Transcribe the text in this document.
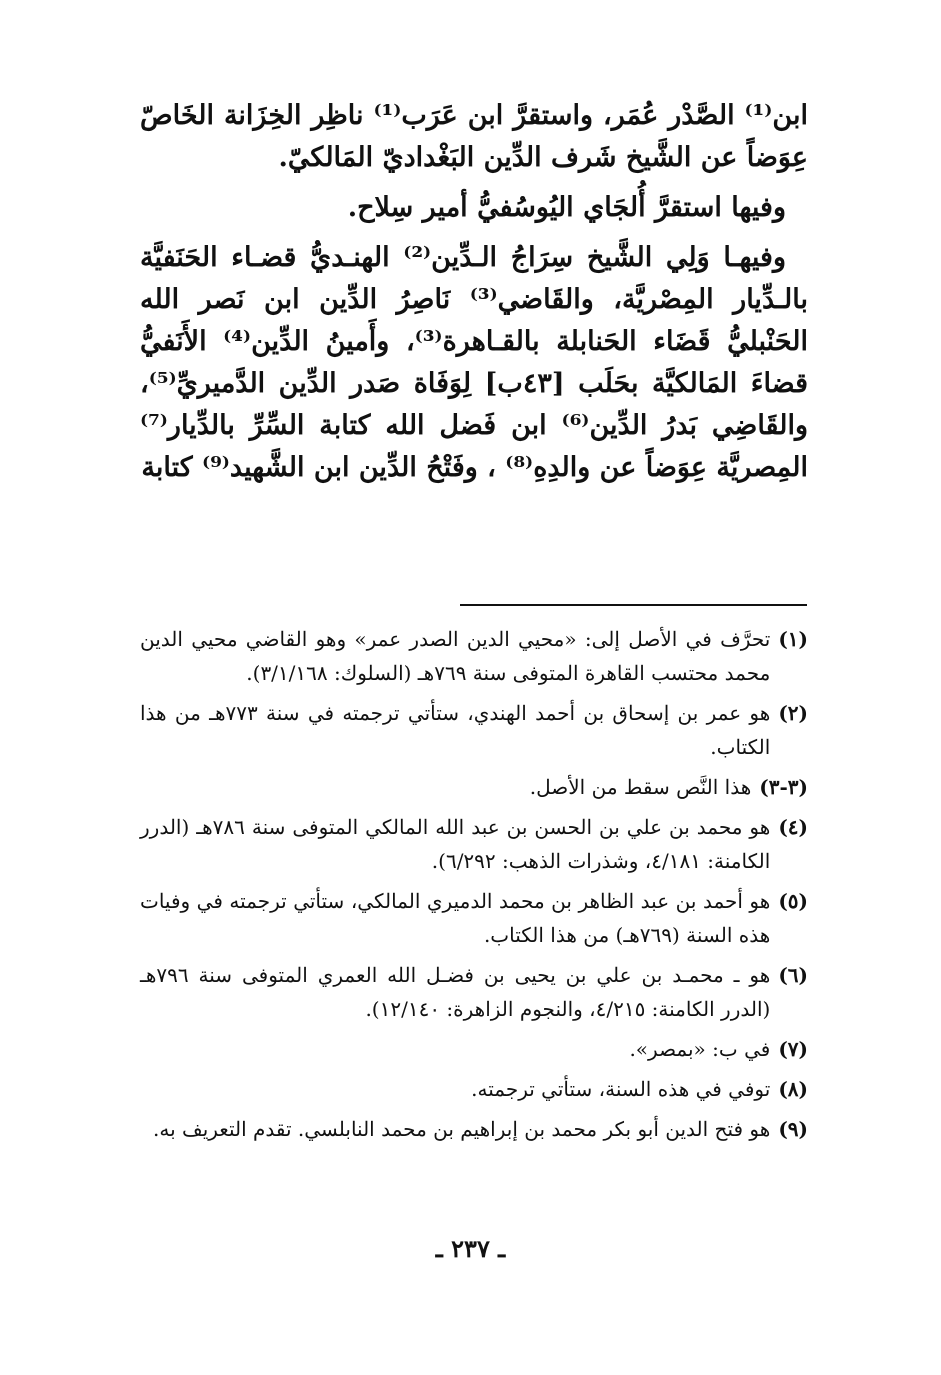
ابن⁽¹⁾ الصَّدْر عُمَر، واستقرَّ ابن عَرَب⁽¹⁾ ناظِر الخِزَانة الخَاصّ عِوَضاً عن الشَّيخ شَرف الدِّين البَغْداديّ المَالكيّ.

وفيها استقرَّ أُلجَاي اليُوسُفيُّ أمير سِلاح.

وفيهـا وَلِي الشَّيخ سِرَاجُ الـدِّين⁽²⁾ الهنـديُّ قضـاء الحَنَفيَّة بالـدِّيار المِصْريَّة، والقَاضي⁽³⁾ نَاصِرُ الدِّين ابن نَصر الله الحَنْبليُّ قَضَاء الحَنابلة بالقـاهرة⁽³⁾، وأَمينُ الدِّين⁽⁴⁾ الأَنَفيُّ قضاءَ المَالكيَّة بحَلَب [٤٣ب] لِوَفَاة صَدر الدِّين الدَّميريِّ⁽⁵⁾، والقَاضِي بَدرُ الدِّين⁽⁶⁾ ابن فَضل الله كتابة السِّرِّ بالدِّيار⁽⁷⁾ المِصريَّة عِوَضاً عن والدِهِ⁽⁸⁾ ، وفَتْحُ الدِّين ابن الشَّهيد⁽⁹⁾ كتابة

(١)
تحرَّف في الأصل إلى: «محيي الدين الصدر عمر» وهو القاضي محيي الدين محمد محتسب القاهرة المتوفى سنة ٧٦٩هـ (السلوك: ٣/١/١٦٨).
(٢)
هو عمر بن إسحاق بن أحمد الهندي، ستأتي ترجمته في سنة ٧٧٣هـ من هذا الكتاب.
(٣-٣)
هذا النَّص سقط من الأصل.
(٤)
هو محمد بن علي بن الحسن بن عبد الله المالكي المتوفى سنة ٧٨٦هـ (الدرر الكامنة: ٤/١٨١، وشذرات الذهب: ٦/٢٩٢).
(٥)
هو أحمد بن عبد الظاهر بن محمد الدميري المالكي، ستأتي ترجمته في وفيات هذه السنة (٧٦٩هـ) من هذا الكتاب.
(٦)
هو ـ محمـد بن علي بن يحيى بن فضـل الله العمري المتوفى سنة ٧٩٦هـ (الدرر الكامنة: ٤/٢١٥، والنجوم الزاهرة: ١٢/١٤٠).
(٧)
في ب: «بمصر».
(٨)
توفي في هذه السنة، ستأتي ترجمته.
(٩)
هو فتح الدين أبو بكر محمد بن إبراهيم بن محمد النابلسي. تقدم التعريف به.
ـ ٢٣٧ ـ
